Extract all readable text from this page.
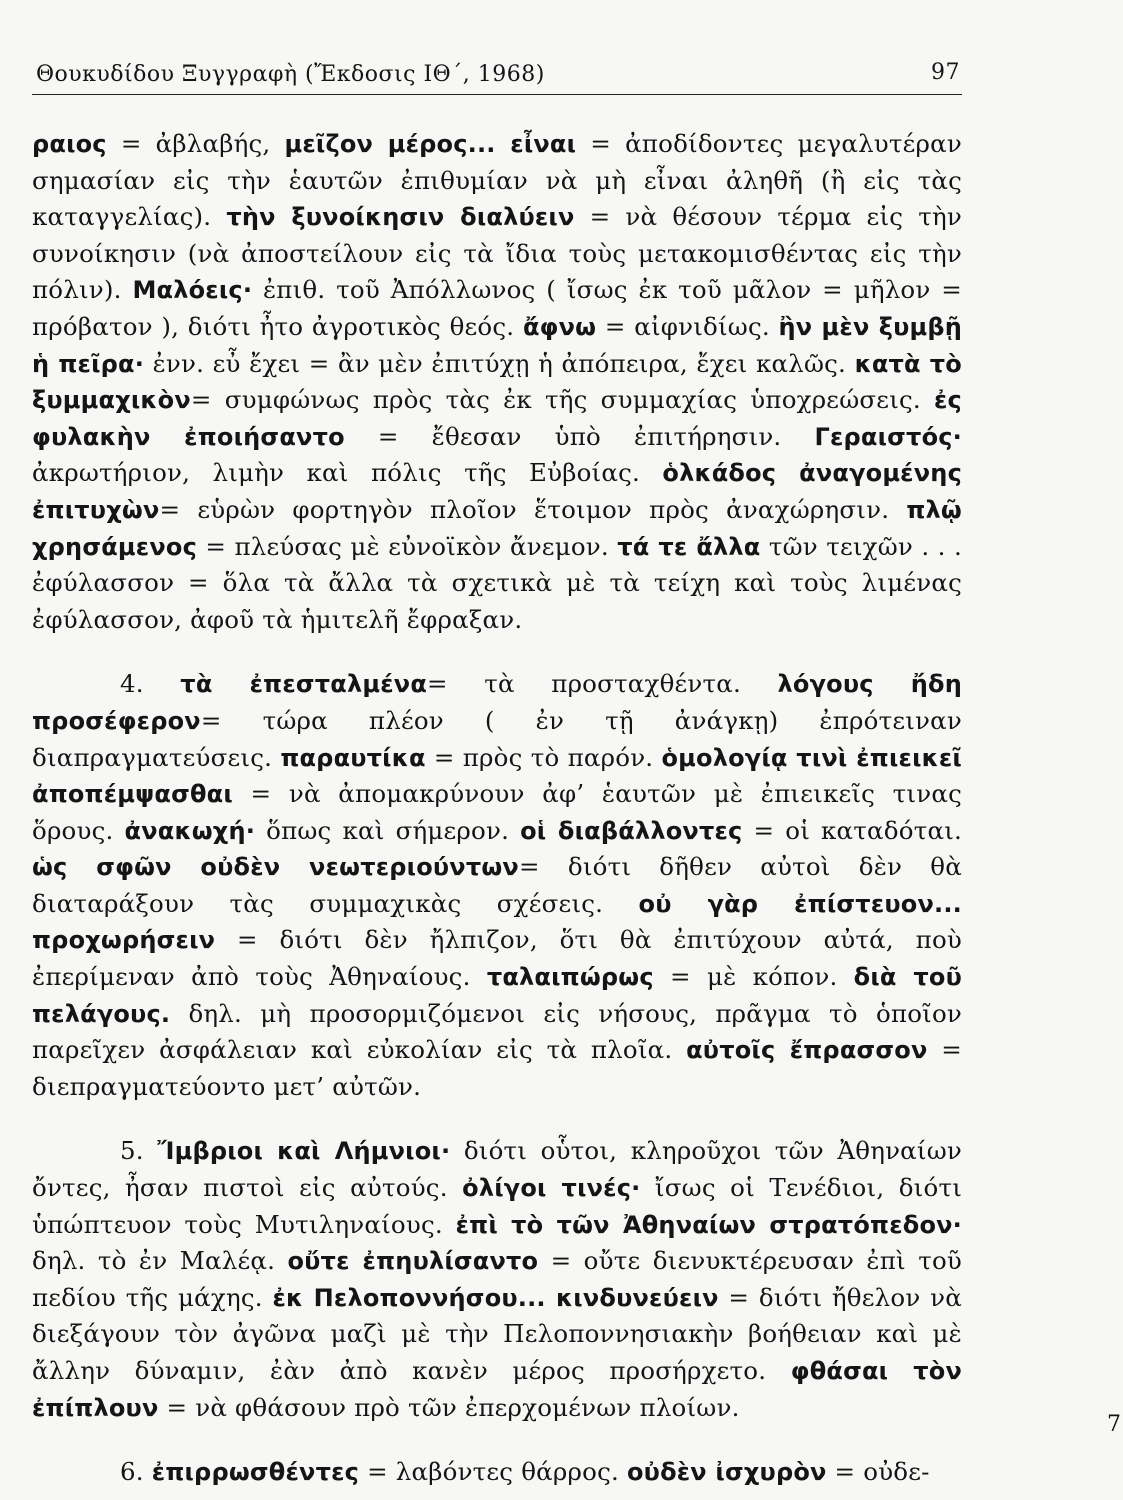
Θουκυδίδου Ξυγγραφὴ (Ἔκδοσις ΙΘ΄, 1968)	97

ραιος = ἀβλαβής, μεῖζον μέρος... εἶναι = ἀποδίδοντες μεγαλυτέραν σημασίαν εἰς τὴν ἑαυτῶν ἐπιθυμίαν νὰ μὴ εἶναι ἀληθῆ (ἢ εἰς τὰς καταγγελίας). τὴν ξυνοίκησιν διαλύειν = νὰ θέσουν τέρμα εἰς τὴν συνοίκησιν (νὰ ἀποστείλουν εἰς τὰ ἴδια τοὺς μετακομισθέντας εἰς τὴν πόλιν). Μαλόεις· ἐπιθ. τοῦ Ἀπόλλωνος ( ἴσως ἐκ τοῦ μᾶλον = μῆλον = πρόβατον ), διότι ἦτο ἀγροτικὸς θεός. ἄφνω = αἰφνιδίως. ἢν μὲν ξυμβῇ ἡ πεῖρα· ἐνν. εὖ ἔχει = ἂν μὲν ἐπιτύχῃ ἡ ἀπόπειρα, ἔχει καλῶς. κατὰ τὸ ξυμμαχικὸν= συμφώνως πρὸς τὰς ἐκ τῆς συμμαχίας ὑποχρεώσεις. ἐς φυλακὴν ἐποιήσαντο = ἔθεσαν ὑπὸ ἐπιτήρησιν. Γεραιστός· ἀκρωτήριον, λιμὴν καὶ πόλις τῆς Εὐβοίας. ὁλκάδος ἀναγομένης ἐπιτυχὼν= εὑρὼν φορτηγὸν πλοῖον ἕτοιμον πρὸς ἀναχώρησιν. πλῷ χρησάμενος = πλεύσας μὲ εὐνοϊκὸν ἄνεμον. τά τε ἄλλα τῶν τειχῶν . . . ἐφύλασσον = ὅλα τὰ ἄλλα τὰ σχετικὰ μὲ τὰ τείχη καὶ τοὺς λιμένας ἐφύλασσον, ἀφοῦ τὰ ἡμιτελῆ ἔφραξαν.

4. τὰ ἐπεσταλμένα= τὰ προσταχθέντα. λόγους ἤδη προσέφερον= τώρα πλέον ( ἐν τῇ ἀνάγκῃ) ἐπρότειναν διαπραγματεύσεις. παραυτίκα = πρὸς τὸ παρόν. ὁμολογίᾳ τινὶ ἐπιεικεῖ ἀποπέμψασθαι = νὰ ἀπομακρύνουν ἀφ’ ἑαυτῶν μὲ ἐπιεικεῖς τινας ὅρους. ἀνακωχή· ὅπως καὶ σήμερον. οἱ διαβάλλοντες = οἱ καταδόται. ὡς σφῶν οὐδὲν νεωτεριούντων= διότι δῆθεν αὐτοὶ δὲν θὰ διαταράξουν τὰς συμμαχικὰς σχέσεις. οὐ γὰρ ἐπίστευον... προχωρήσειν = διότι δὲν ἤλπιζον, ὅτι θὰ ἐπιτύχουν αὐτά, ποὺ ἐπερίμεναν ἀπὸ τοὺς Ἀθηναίους. ταλαιπώρως = μὲ κόπον. διὰ τοῦ πελάγους. δηλ. μὴ προσορμιζόμενοι εἰς νήσους, πρᾶγμα τὸ ὁποῖον παρεῖχεν ἀσφάλειαν καὶ εὐκολίαν εἰς τὰ πλοῖα. αὐτοῖς ἔπρασσον = διεπραγματεύοντο μετ’ αὐτῶν.

5. Ἴμβριοι καὶ Λήμνιοι· διότι οὗτοι, κληροῦχοι τῶν Ἀθηναίων ὄντες, ἦσαν πιστοὶ εἰς αὐτούς. ὀλίγοι τινές· ἴσως οἱ Τενέδιοι, διότι ὑπώπτευον τοὺς Μυτιληναίους. ἐπὶ τὸ τῶν Ἀθηναίων στρατόπεδον· δηλ. τὸ ἐν Μαλέᾳ. οὔτε ἐπηυλίσαντο = οὔτε διενυκτέρευσαν ἐπὶ τοῦ πεδίου τῆς μάχης. ἐκ Πελοποννήσου... κινδυνεύειν = διότι ἤθελον νὰ διεξάγουν τὸν ἀγῶνα μαζὶ μὲ τὴν Πελοποννησιακὴν βοήθειαν καὶ μὲ ἄλλην δύναμιν, ἐὰν ἀπὸ κανὲν μέρος προσήρχετο. φθάσαι τὸν ἐπίπλουν = νὰ φθάσουν πρὸ τῶν ἐπερχομένων πλοίων.

6. ἐπιρρωσθέντες = λαβόντες θάρρος. οὐδὲν ἰσχυρὸν = οὐδε-

7
